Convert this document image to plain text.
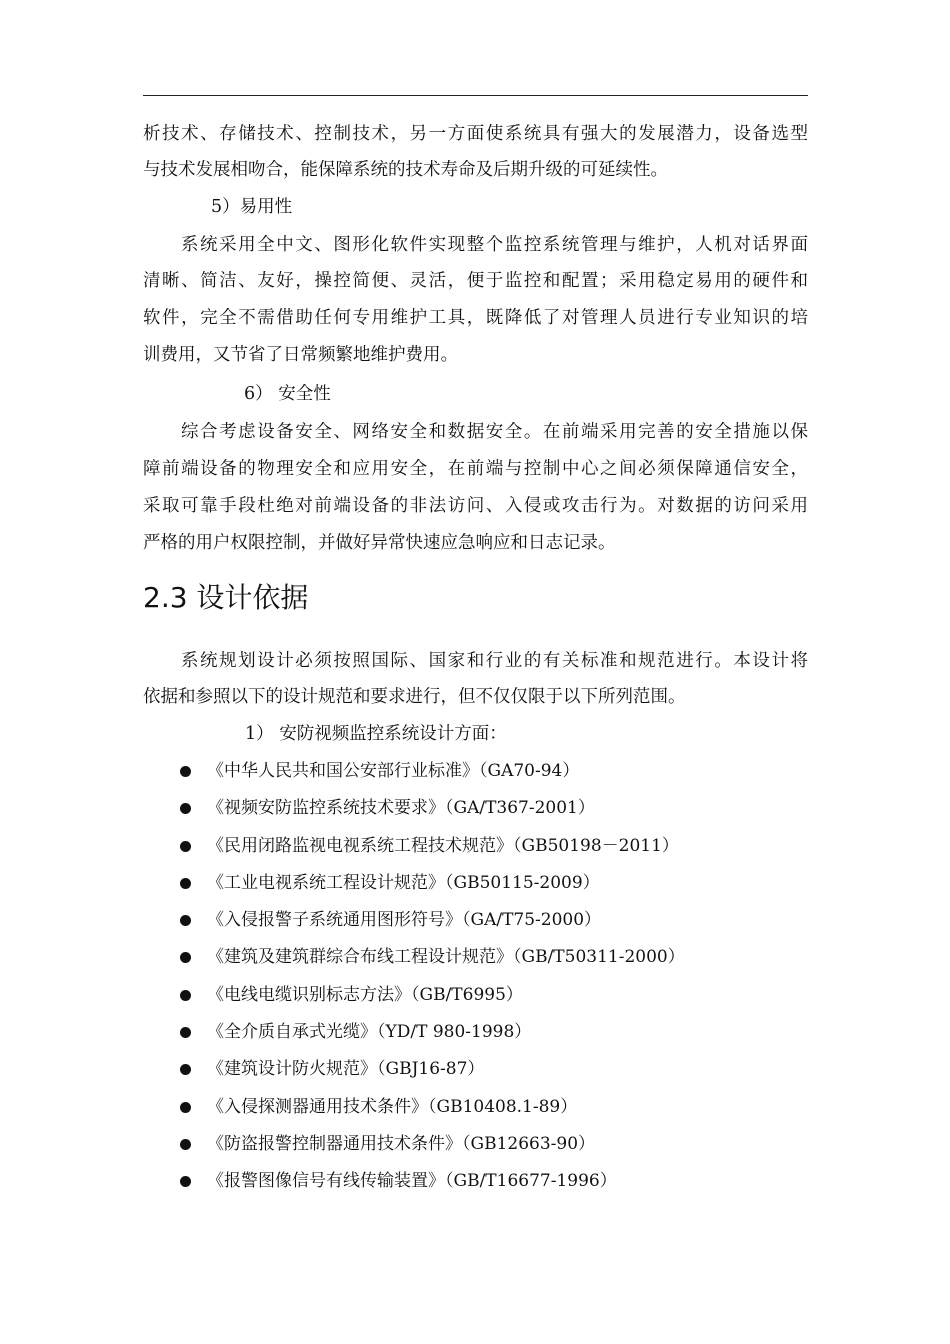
析技术、存储技术、控制技术，另一方面使系统具有强大的发展潜力，设备选型
与技术发展相吻合，能保障系统的技术寿命及后期升级的可延续性。
5）易用性
系统采用全中文、图形化软件实现整个监控系统管理与维护，人机对话界面
清晰、简洁、友好，操控简便、灵活，便于监控和配置；采用稳定易用的硬件和
软件，完全不需借助任何专用维护工具，既降低了对管理人员进行专业知识的培
训费用，又节省了日常频繁地维护费用。
6） 安全性
综合考虑设备安全、网络安全和数据安全。在前端采用完善的安全措施以保
障前端设备的物理安全和应用安全，在前端与控制中心之间必须保障通信安全，
采取可靠手段杜绝对前端设备的非法访问、入侵或攻击行为。对数据的访问采用
严格的用户权限控制，并做好异常快速应急响应和日志记录。
2.3 设计依据
系统规划设计必须按照国际、国家和行业的有关标准和规范进行。本设计将
依据和参照以下的设计规范和要求进行，但不仅仅限于以下所列范围。
1） 安防视频监控系统设计方面：
《中华人民共和国公安部行业标准》（GA70-94）
《视频安防监控系统技术要求》（GA/T367-2001）
《民用闭路监视电视系统工程技术规范》（GB50198－2011）
《工业电视系统工程设计规范》（GB50115-2009）
《入侵报警子系统通用图形符号》（GA/T75-2000）
《建筑及建筑群综合布线工程设计规范》（GB/T50311-2000）
《电线电缆识别标志方法》（GB/T6995）
《全介质自承式光缆》（YD/T 980-1998）
《建筑设计防火规范》（GBJ16-87）
《入侵探测器通用技术条件》（GB10408.1-89）
《防盗报警控制器通用技术条件》（GB12663-90）
《报警图像信号有线传输装置》（GB/T16677-1996）
